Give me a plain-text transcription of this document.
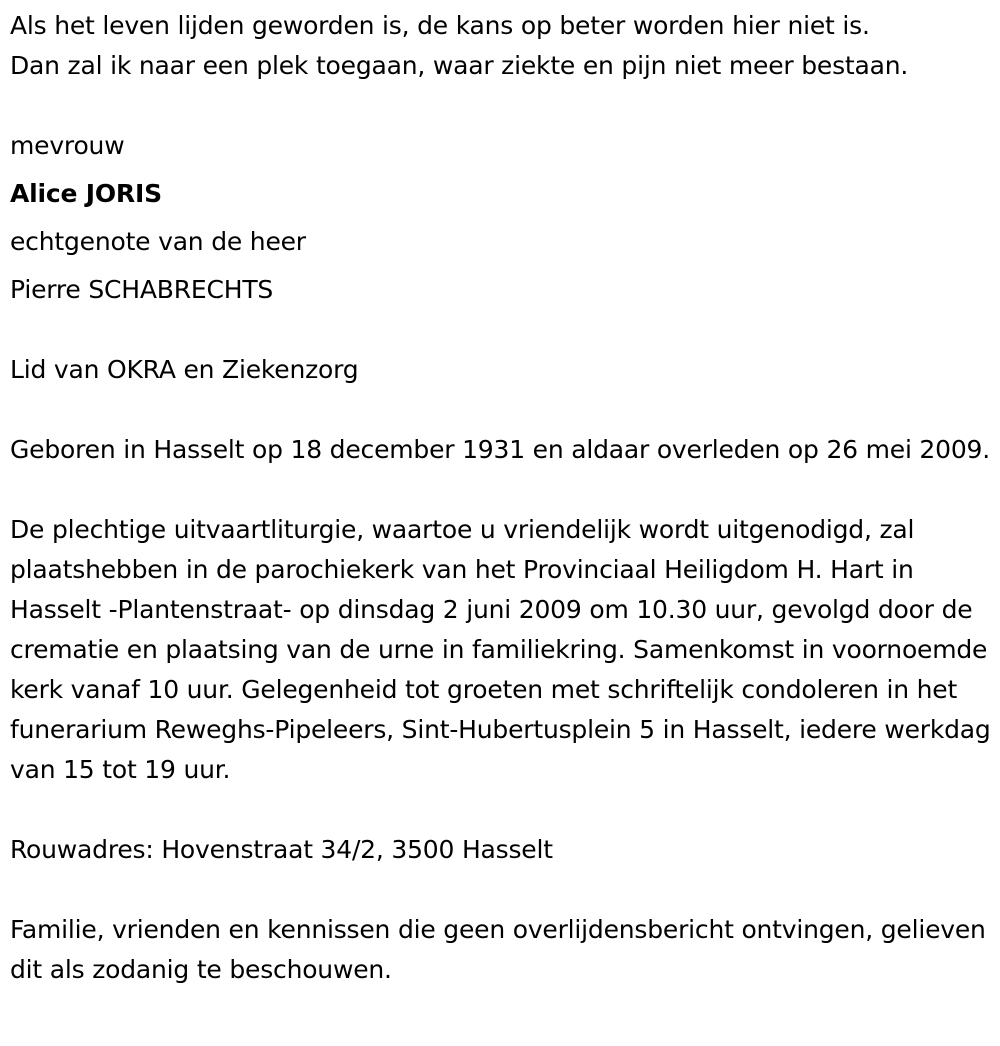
Als het leven lijden geworden is, de kans op beter worden hier niet is.
Dan zal ik naar een plek toegaan, waar ziekte en pijn niet meer bestaan.

mevrouw

Alice JORIS

echtgenote van de heer

Pierre SCHABRECHTS

Lid van OKRA en Ziekenzorg

Geboren in Hasselt op 18 december 1931 en aldaar overleden op 26 mei 2009.

De plechtige uitvaartliturgie, waartoe u vriendelijk wordt uitgenodigd, zal plaatshebben in de parochiekerk van het Provinciaal Heiligdom H. Hart in Hasselt -Plantenstraat- op dinsdag 2 juni 2009 om 10.30 uur, gevolgd door de crematie en plaatsing van de urne in familiekring. Samenkomst in voornoemde kerk vanaf 10 uur. Gelegenheid tot groeten met schriftelijk condoleren in het funerarium Reweghs-Pipeleers, Sint-Hubertusplein 5 in Hasselt, iedere werkdag van 15 tot 19 uur.

Rouwadres: Hovenstraat 34/2, 3500 Hasselt

Familie, vrienden en kennissen die geen overlijdensbericht ontvingen, gelieven dit als zodanig te beschouwen.
